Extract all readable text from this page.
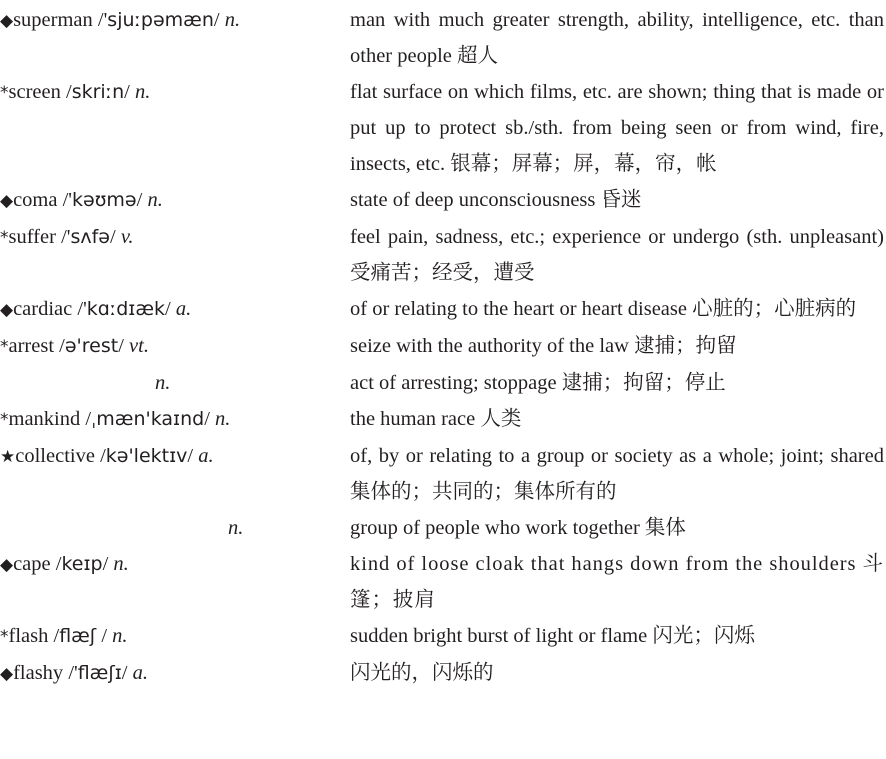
◆superman /'sjuːpəmæn/ n.	man with much greater strength, ability, intelligence, etc. than other people 超人
*screen /skriːn/ n.	flat surface on which films, etc. are shown; thing that is made or put up to protect sb./sth. from being seen or from wind, fire, insects, etc. 银幕；屏幕；屏，幕，帘，帐
◆coma /'kəʊmə/ n.	state of deep unconsciousness 昏迷
*suffer /'sʌfə/ v.	feel pain, sadness, etc.; experience or undergo (sth. unpleasant) 受痛苦；经受，遭受
◆cardiac /'kɑːdɪæk/ a.	of or relating to the heart or heart disease 心脏的；心脏病的
*arrest /ə'rest/ vt.	seize with the authority of the law 逮捕；拘留
n.	act of arresting; stoppage 逮捕；拘留；停止
*mankind /ˌmæn'kaɪnd/ n.	the human race 人类
★collective /kə'lektɪv/ a.	of, by or relating to a group or society as a whole; joint; shared 集体的；共同的；集体所有的
n.	group of people who work together 集体
◆cape /keɪp/ n.	kind of loose cloak that hangs down from the shoulders 斗篷；披肩
*flash /flæʃ / n.	sudden bright burst of light or flame 闪光；闪烁
◆flashy /'flæʃɪ/ a.	闪光的，闪烁的
